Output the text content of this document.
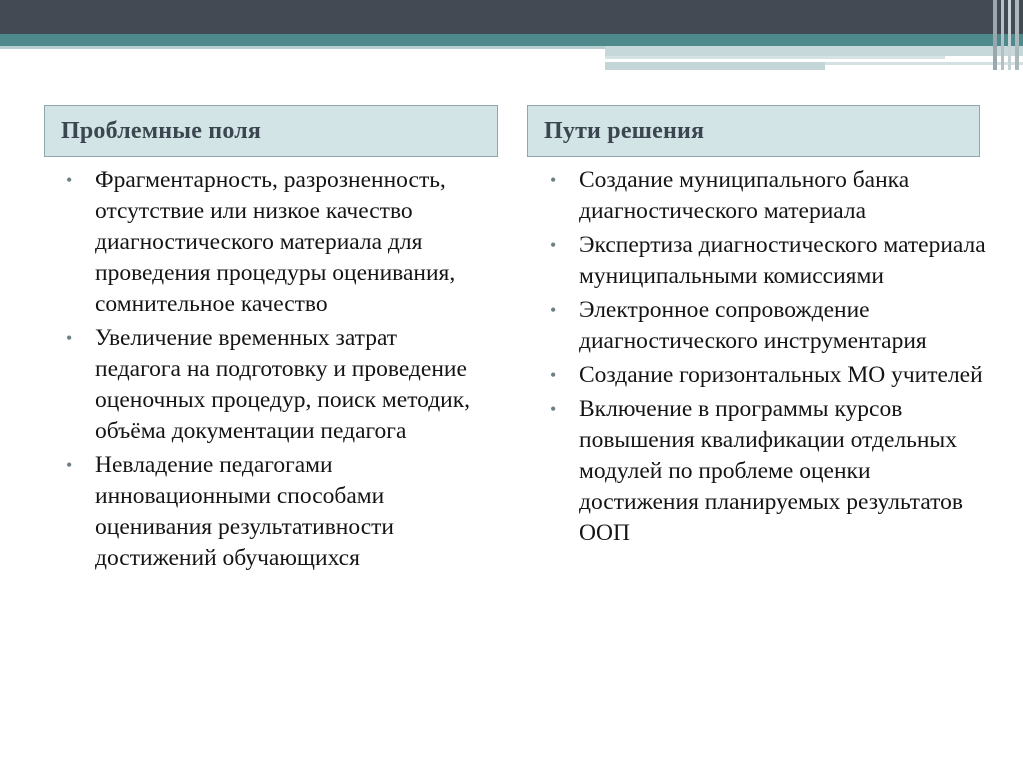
Проблемные поля
• Фрагментарность, разрозненность, отсутствие или низкое качество диагностического материала для проведения процедуры оценивания, сомнительное качество
• Увеличение временных затрат педагога на подготовку и проведение оценочных процедур, поиск методик, объёма документации педагога
• Невладение педагогами инновационными способами оценивания результативности достижений обучающихся
Пути решения
• Создание муниципального банка диагностического материала
• Экспертиза диагностического материала муниципальными комиссиями
• Электронное сопровождение диагностического инструментария
• Создание горизонтальных МО учителей
• Включение в программы курсов повышения квалификации отдельных модулей по проблеме оценки достижения планируемых результатов ООП
